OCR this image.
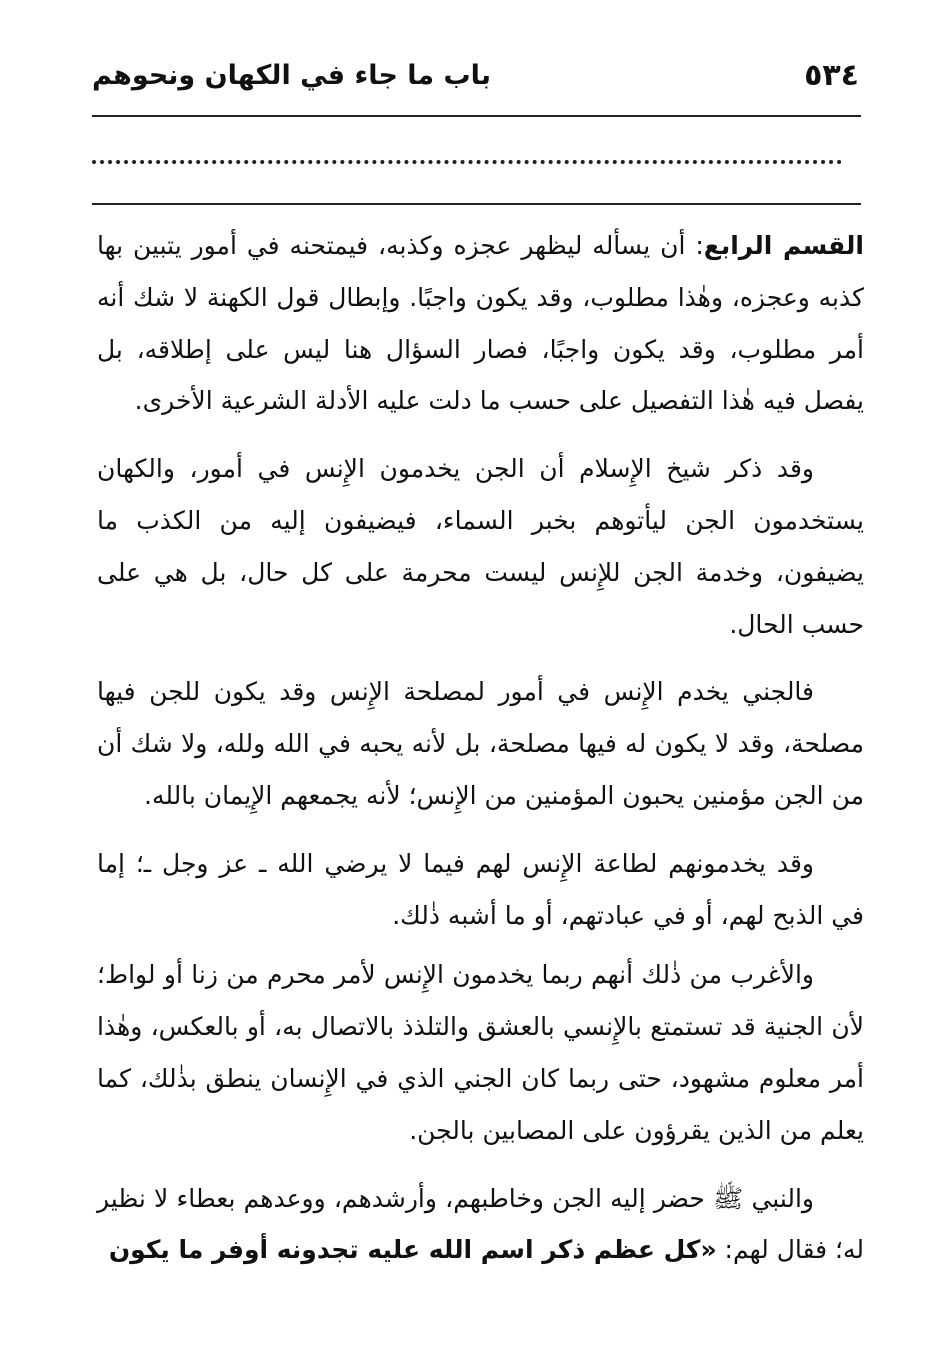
٥٣٤
باب ما جاء في الكهان ونحوهم

القسم الرابع: أن يسأله ليظهر عجزه وكذبه، فيمتحنه في أمور يتبين بها كذبه وعجزه، وهٰذا مطلوب، وقد يكون واجبًا. وإبطال قول الكهنة لا شك أنه أمر مطلوب، وقد يكون واجبًا، فصار السؤال هنا ليس على إطلاقه، بل يفصل فيه هٰذا التفصيل على حسب ما دلت عليه الأدلة الشرعية الأخرى.

وقد ذكر شيخ الإِسلام أن الجن يخدمون الإِنس في أمور، والكهان يستخدمون الجن ليأتوهم بخبر السماء، فيضيفون إليه من الكذب ما يضيفون، وخدمة الجن للإِنس ليست محرمة على كل حال، بل هي على حسب الحال.

فالجني يخدم الإِنس في أمور لمصلحة الإِنس وقد يكون للجن فيها مصلحة، وقد لا يكون له فيها مصلحة، بل لأنه يحبه في الله ولله، ولا شك أن من الجن مؤمنين يحبون المؤمنين من الإِنس؛ لأنه يجمعهم الإِيمان بالله.

وقد يخدمونهم لطاعة الإِنس لهم فيما لا يرضي الله ـ عز وجل ـ؛ إما في الذبح لهم، أو في عبادتهم، أو ما أشبه ذٰلك.

والأغرب من ذٰلك أنهم ربما يخدمون الإِنس لأمر محرم من زنا أو لواط؛ لأن الجنية قد تستمتع بالإِنسي بالعشق والتلذذ بالاتصال به، أو بالعكس، وهٰذا أمر معلوم مشهود، حتى ربما كان الجني الذي في الإِنسان ينطق بذٰلك، كما يعلم من الذين يقرؤون على المصابين بالجن.

والنبي ﷺ حضر إليه الجن وخاطبهم، وأرشدهم، ووعدهم بعطاء لا نظير له؛ فقال لهم: «كل عظم ذكر اسم الله عليه تجدونه أوفر ما يكون
